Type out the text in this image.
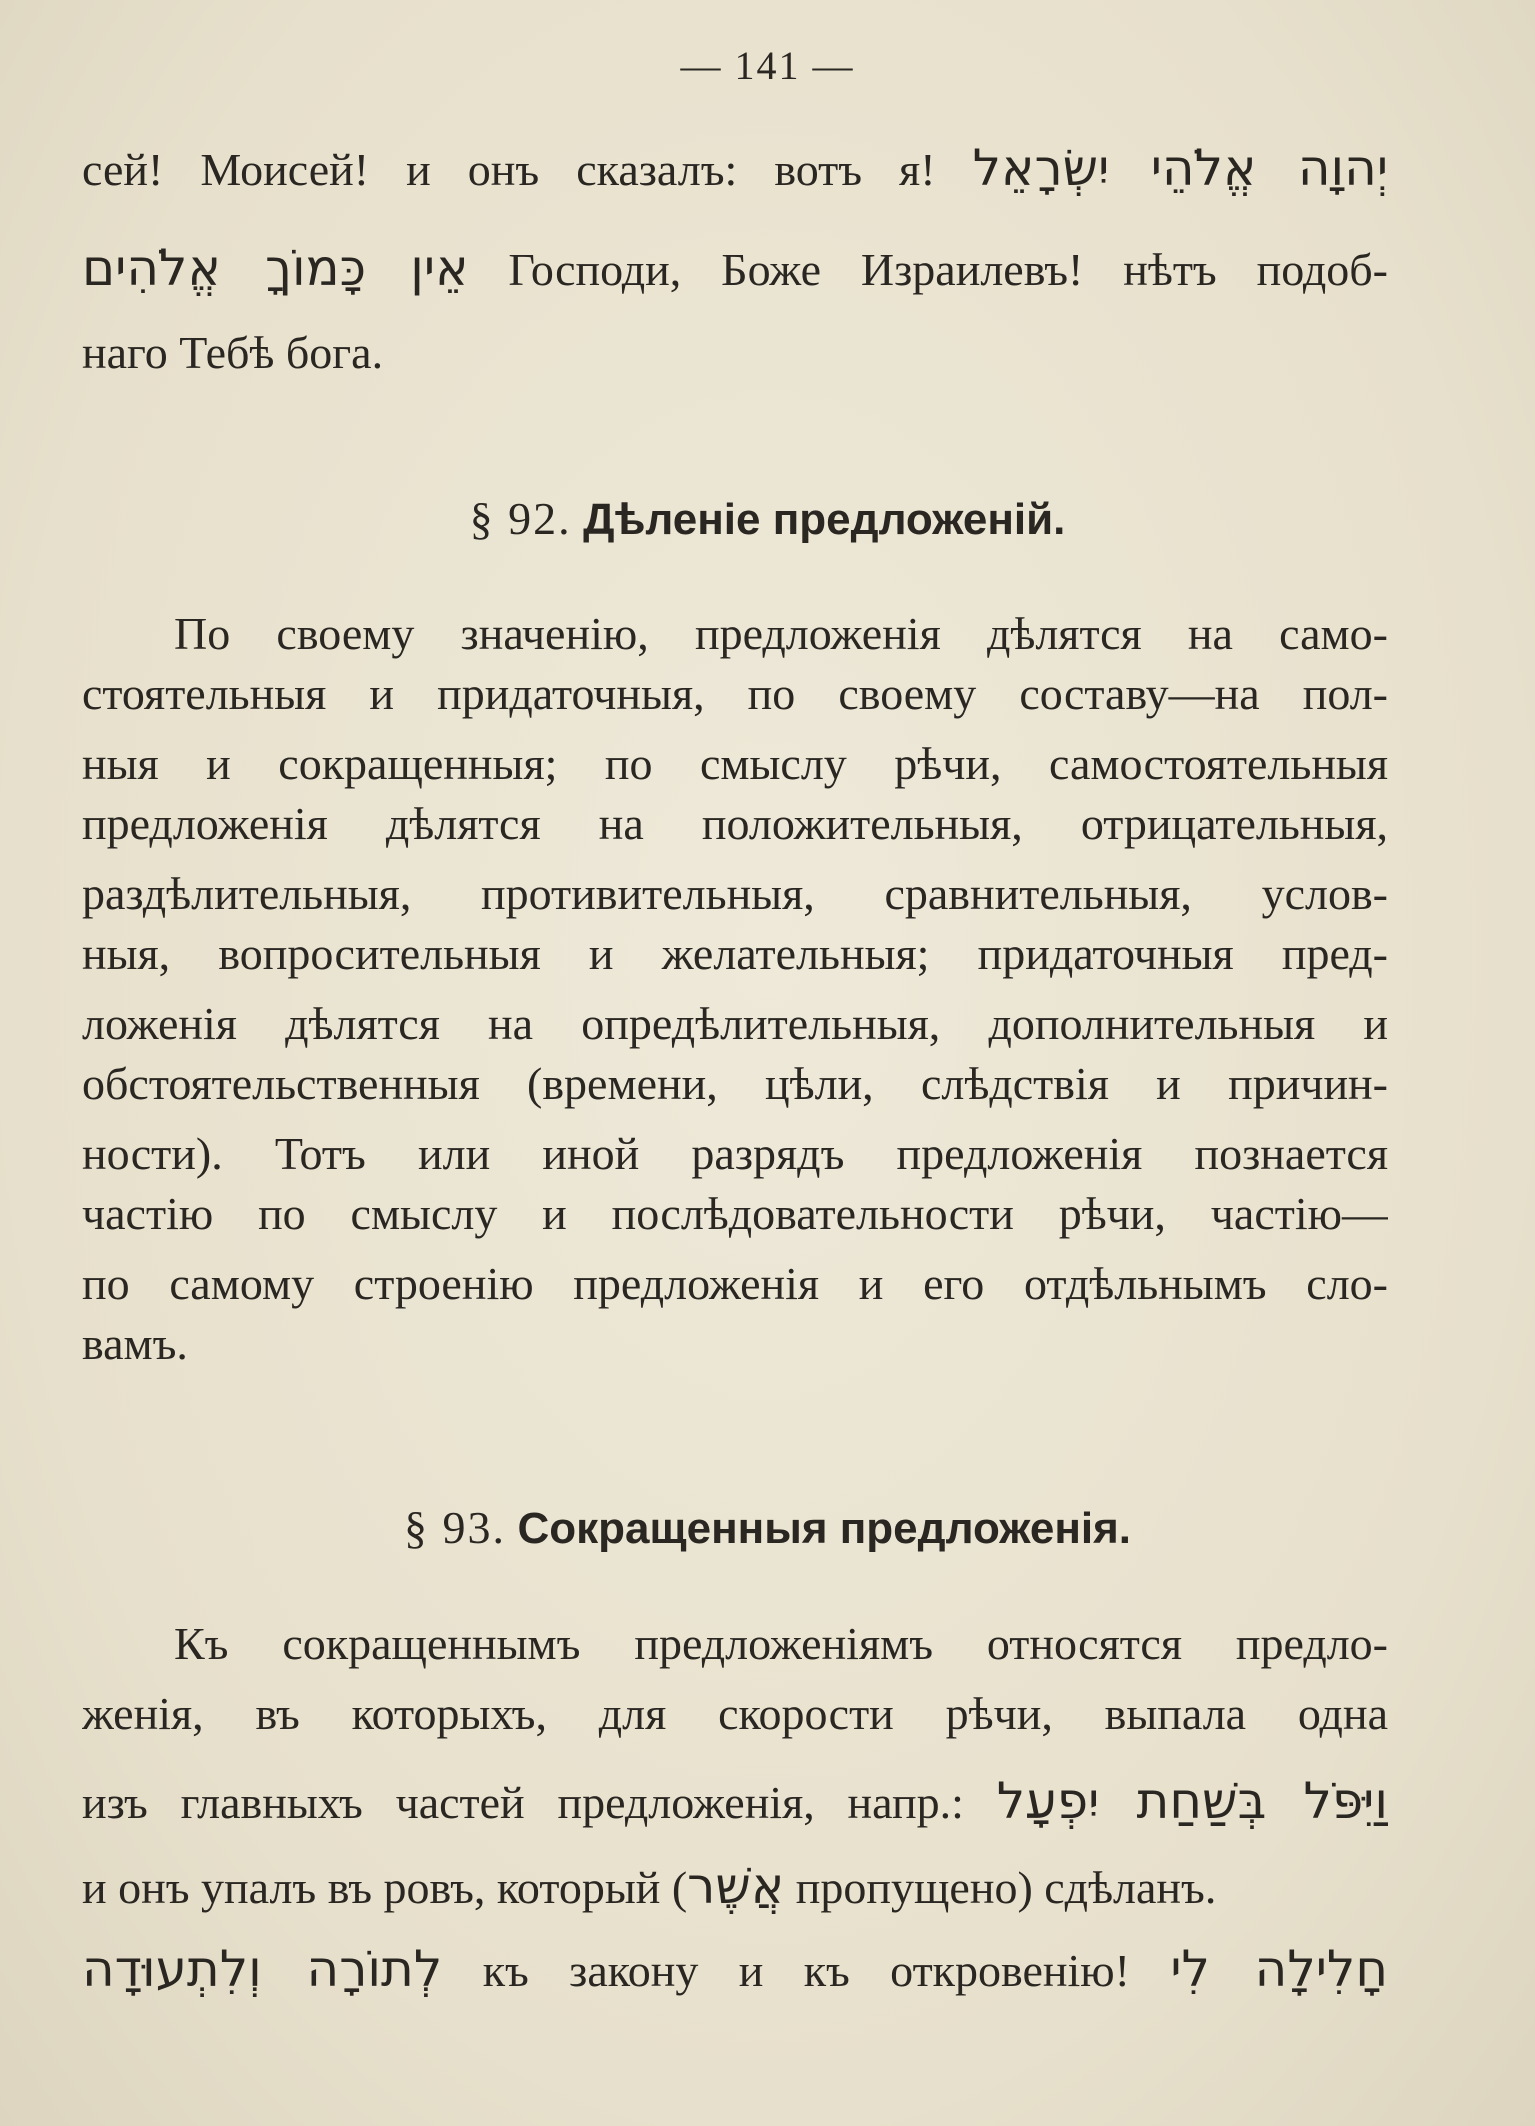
— 141 —
сей! Моисей! и онъ сказалъ: вотъ я! יְהוָה אֱלֹהֵי יִשְׂרָאֵל
אֵין כָּמוֹךָ אֱלֹהִים Господи, Боже Израилевъ! нѣтъ подоб-
наго Тебѣ бога.
§ 92. Дѣленіе предложеній.
По своему значенію, предложенія дѣлятся на само-
стоятельныя и придаточныя, по своему составу—на пол-
ныя и сокращенныя; по смыслу рѣчи, самостоятельныя
предложенія дѣлятся на положительныя, отрицательныя,
раздѣлительныя, противительныя, сравнительныя, услов-
ныя, вопросительныя и желательныя; придаточныя пред-
ложенія дѣлятся на опредѣлительныя, дополнительныя и
обстоятельственныя (времени, цѣли, слѣдствія и причин-
ности). Тотъ или иной разрядъ предложенія познается
частію по смыслу и послѣдовательности рѣчи, частію—
по самому строенію предложенія и его отдѣльнымъ сло-
вамъ.
§ 93. Сокращенныя предложенія.
Къ сокращеннымъ предложеніямъ относятся предло-
женія, въ которыхъ, для скорости рѣчи, выпала одна
изъ главныхъ частей предложенія, напр.: וַיִּפֹּל בְּשַׁחַת יִפְעָל
и онъ упалъ въ ровъ, который (אֲשֶׁר пропущено) сдѣланъ.
לְתוֹרָה וְלִתְעוּדָה къ закону и къ откровенію! חָלִילָה לִי
